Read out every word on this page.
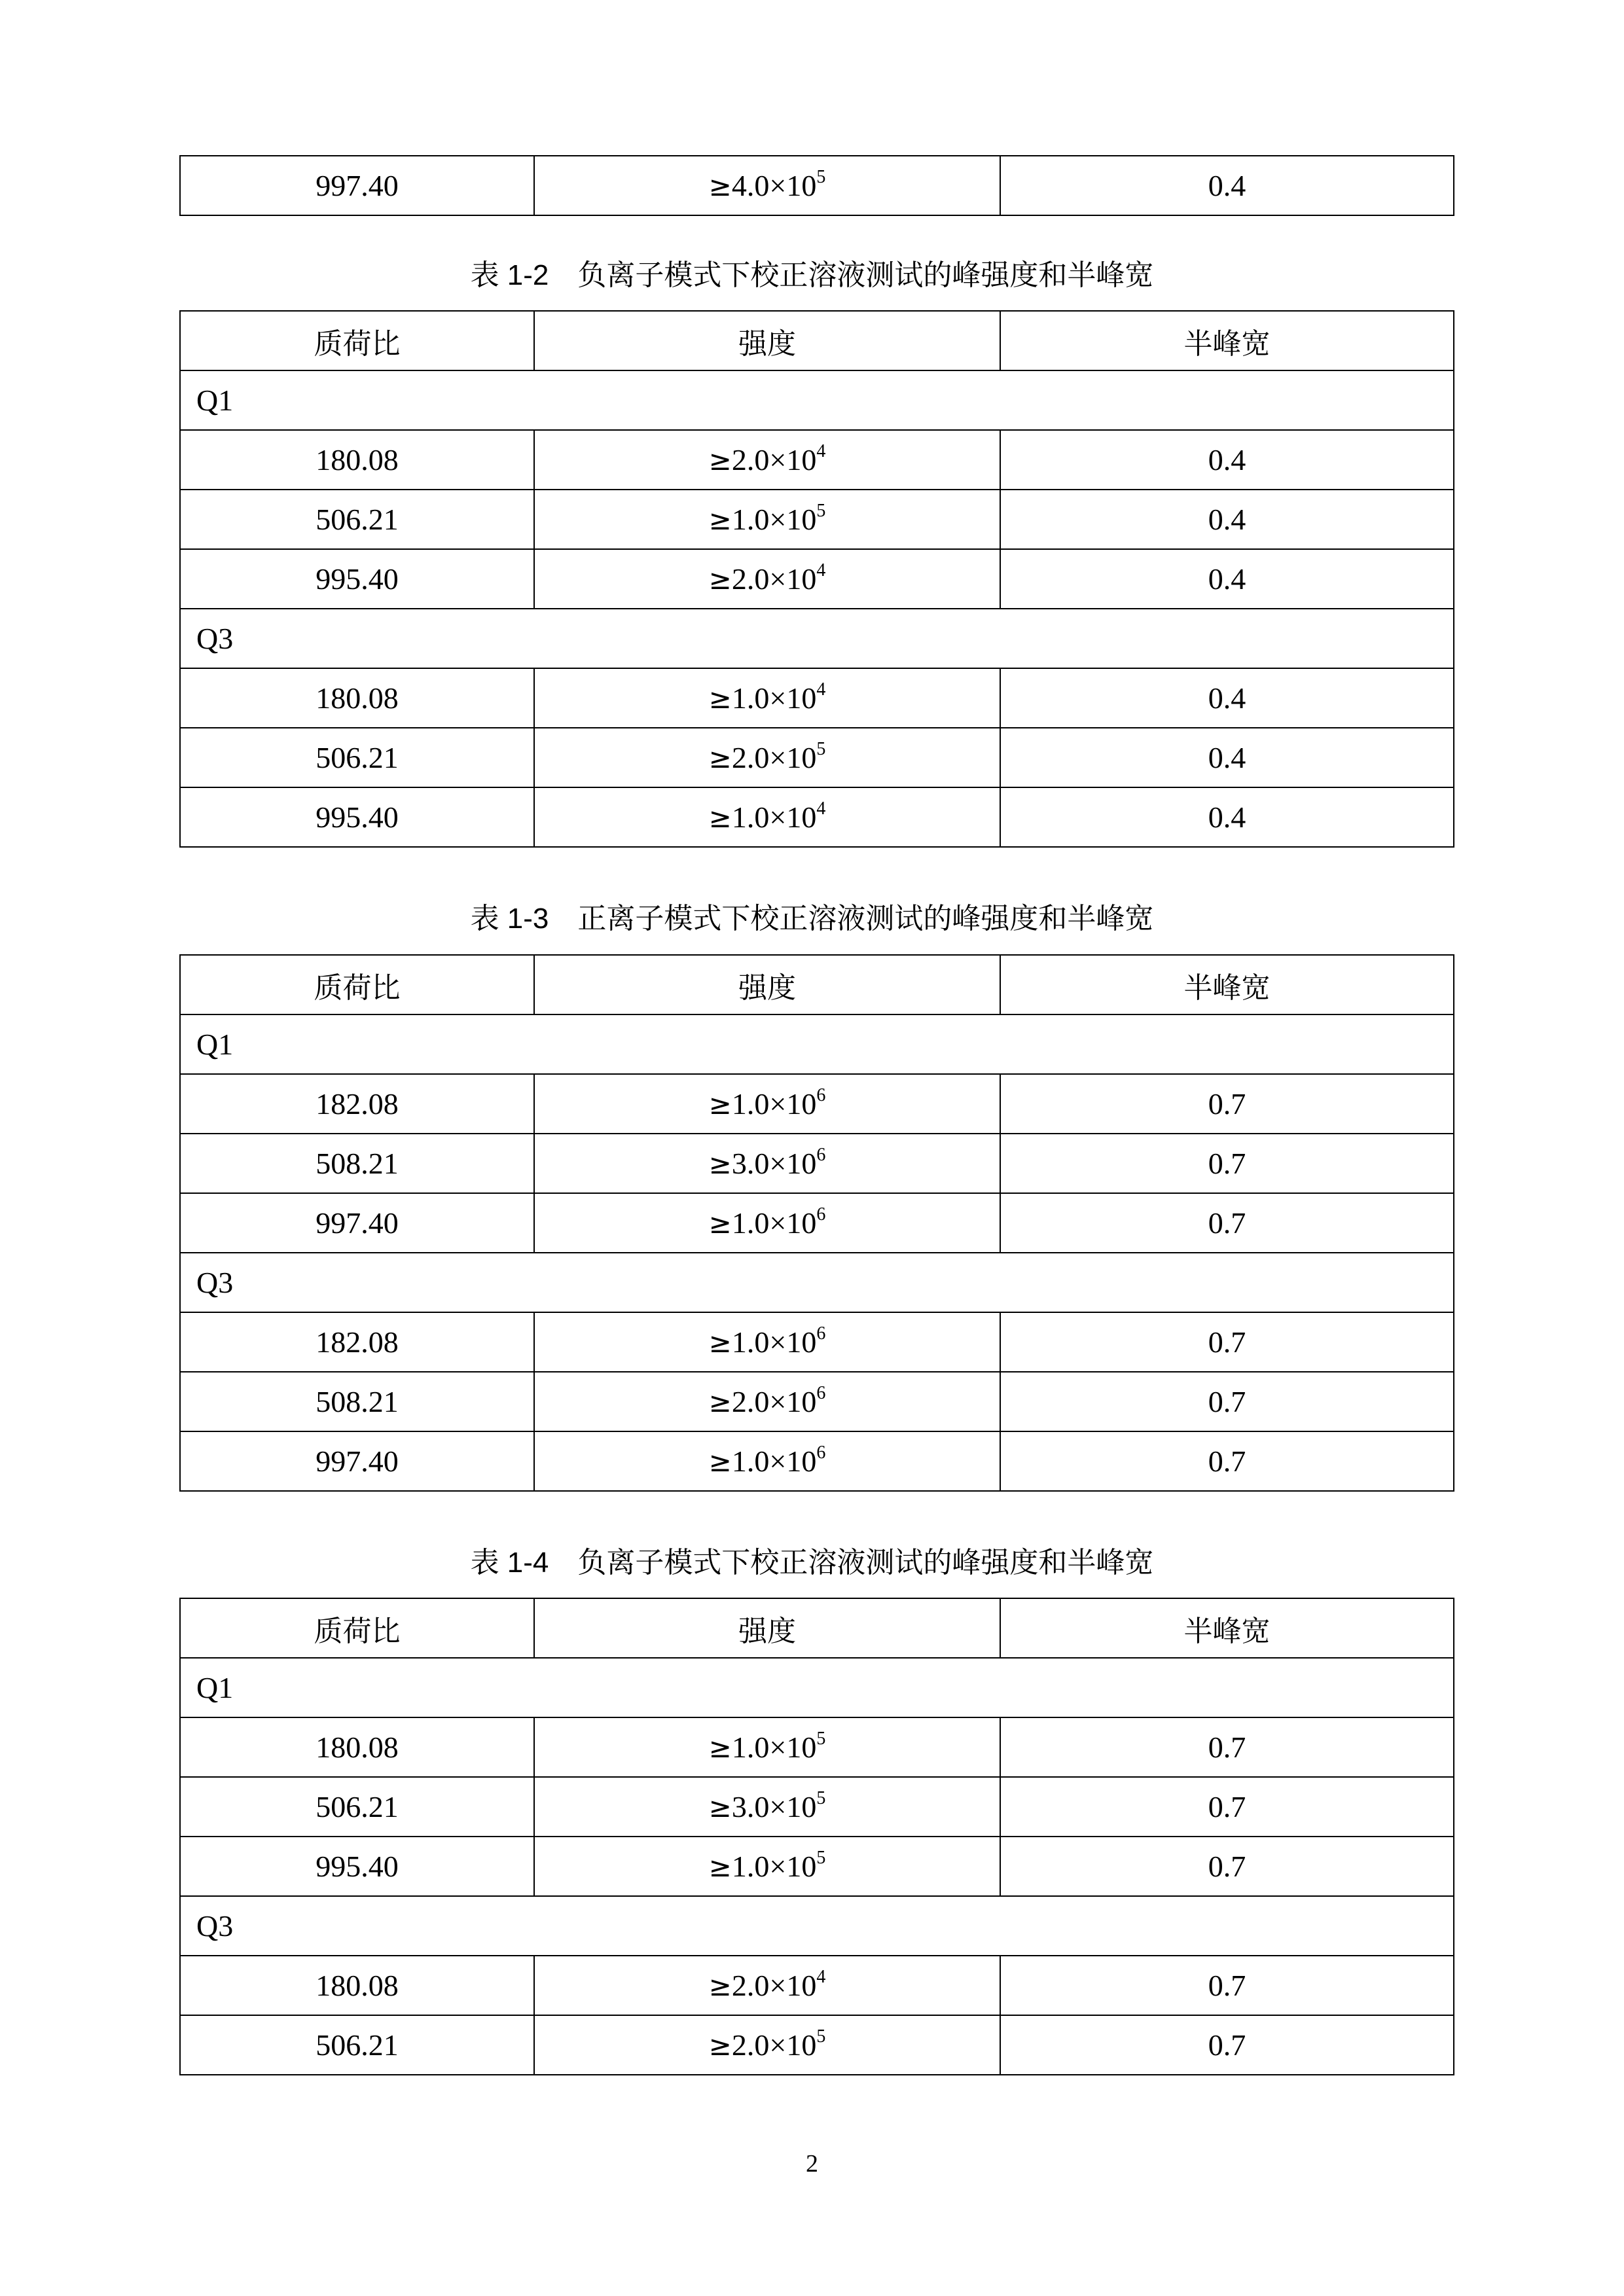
997.40	$\ge 4.0\times 10^5$	0.4
表 1-2 负离子模式下校正溶液测试的峰强度和半峰宽
质荷比	强度	半峰宽
Q1		
180.08	$\ge 2.0\times 10^4$	0.4
506.21	$\ge 1.0\times 10^5$	0.4
995.40	$\ge 2.0\times 10^4$	0.4
Q3		
180.08	$\ge 1.0\times 10^4$	0.4
506.21	$\ge 2.0\times 10^5$	0.4
995.40	$\ge 1.0\times 10^4$	0.4
表 1-3 正离子模式下校正溶液测试的峰强度和半峰宽
质荷比	强度	半峰宽
Q1		
182.08	$\ge 1.0\times 10^6$	0.7
508.21	$\ge 3.0\times 10^6$	0.7
997.40	$\ge 1.0\times 10^6$	0.7
Q3		
182.08	$\ge 1.0\times 10^6$	0.7
508.21	$\ge 2.0\times 10^6$	0.7
997.40	$\ge 1.0\times 10^6$	0.7
表 1-4 负离子模式下校正溶液测试的峰强度和半峰宽
质荷比	强度	半峰宽
Q1		
180.08	$\ge 1.0\times 10^5$	0.7
506.21	$\ge 3.0\times 10^5$	0.7
995.40	$\ge 1.0\times 10^5$	0.7
Q3		
180.08	$\ge 2.0\times 10^4$	0.7
506.21	$\ge 2.0\times 10^5$	0.7
2
